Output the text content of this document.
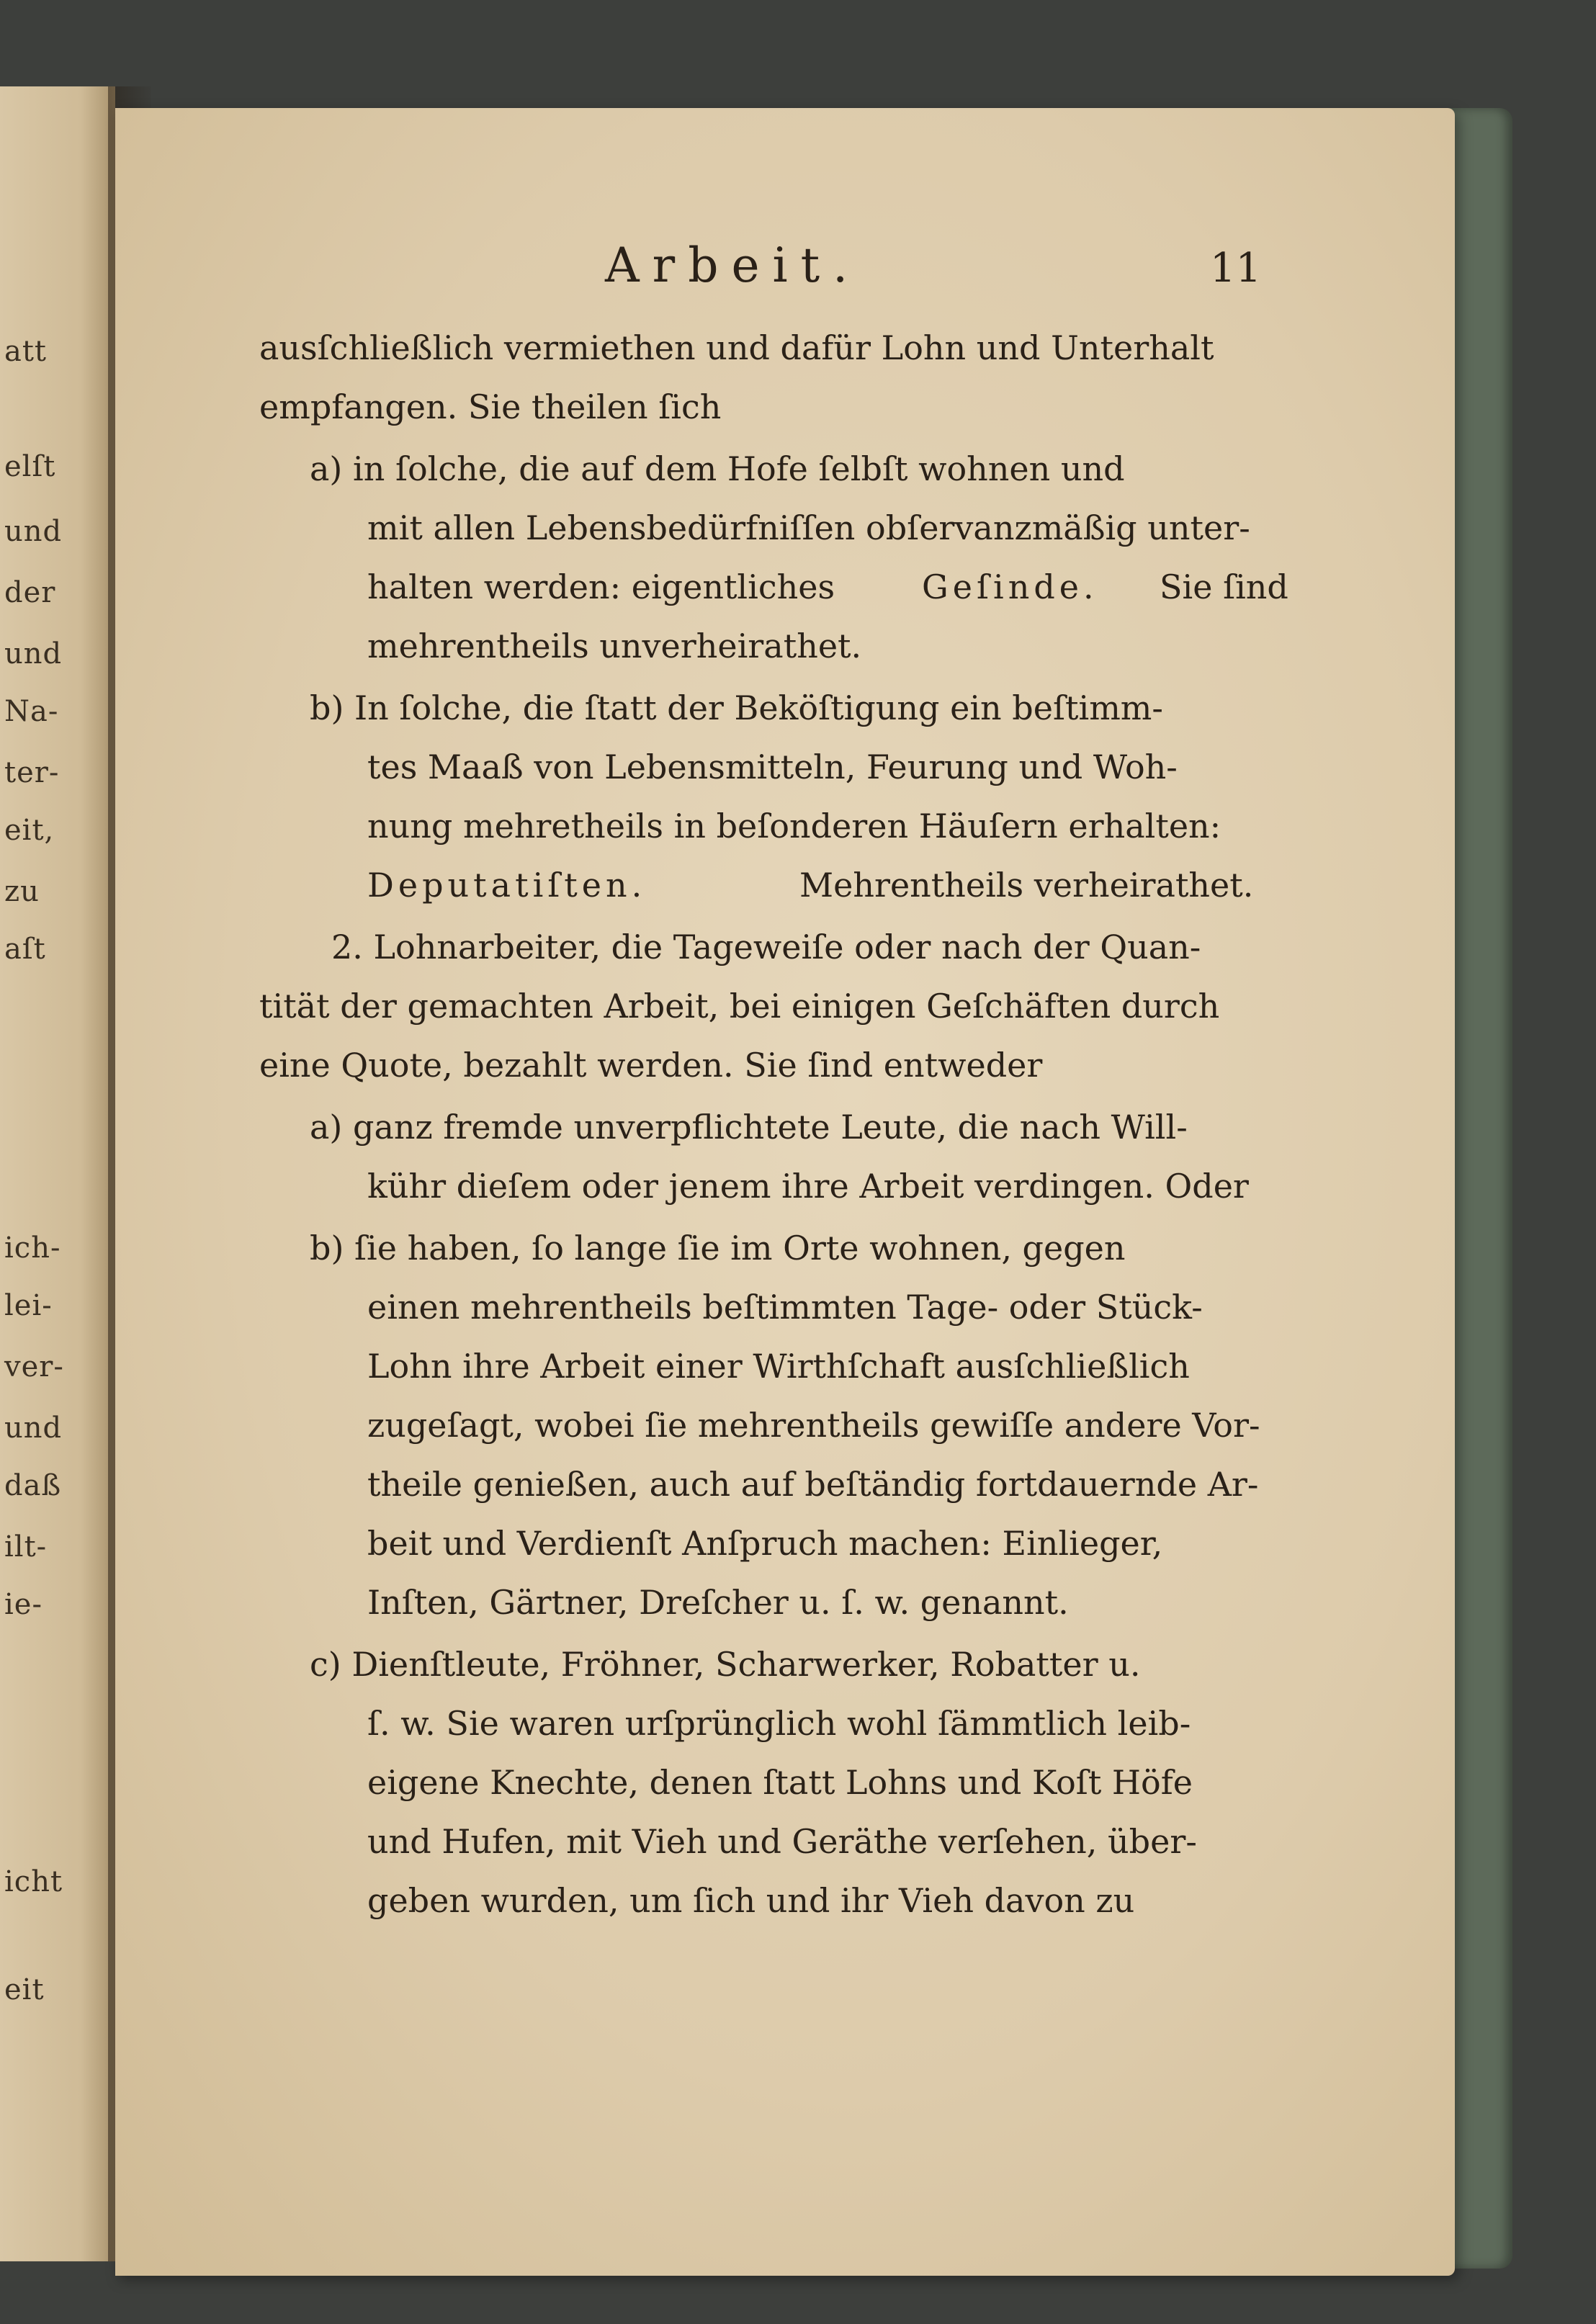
att
elſt
und
der
und
Na-
ter-
eit,
zu
aſt
ich-
lei-
ver-
und
daß
ilt-
ie-
icht
eit
Arbeit.	11
ausſchließlich vermiethen und dafür Lohn und Unterhalt
empfangen. Sie theilen ſich
a) in ſolche, die auf dem Hofe ſelbſt wohnen und
mit allen Lebensbedürfniſſen obſervanzmäßig unter-
halten werden: eigentliches	Geſinde. Sie ſind
mehrentheils unverheirathet.
b) In ſolche, die ſtatt der Beköſtigung ein beſtimm-
tes Maaß von Lebensmitteln, Feurung und Woh-
nung mehretheils in beſonderen Häuſern erhalten:
Deputatiſten.	Mehrentheils verheirathet.
2. Lohnarbeiter, die Tageweiſe oder nach der Quan-
tität der gemachten Arbeit, bei einigen Geſchäften durch
eine Quote, bezahlt werden. Sie ſind entweder
a) ganz fremde unverpflichtete Leute, die nach Will-
kühr dieſem oder jenem ihre Arbeit verdingen. Oder
b) ſie haben, ſo lange ſie im Orte wohnen, gegen
einen mehrentheils beſtimmten Tage- oder Stück-
Lohn ihre Arbeit einer Wirthſchaft ausſchließlich
zugeſagt, wobei ſie mehrentheils gewiſſe andere Vor-
theile genießen, auch auf beſtändig fortdauernde Ar-
beit und Verdienſt Anſpruch machen: Einlieger,
Inſten, Gärtner, Dreſcher u. ſ. w. genannt.
c) Dienſtleute, Fröhner, Scharwerker, Robatter u.
ſ. w. Sie waren urſprünglich wohl ſämmtlich leib-
eigene Knechte, denen ſtatt Lohns und Koſt Höfe
und Hufen, mit Vieh und Geräthe verſehen, über-
geben wurden, um ſich und ihr Vieh davon zu
